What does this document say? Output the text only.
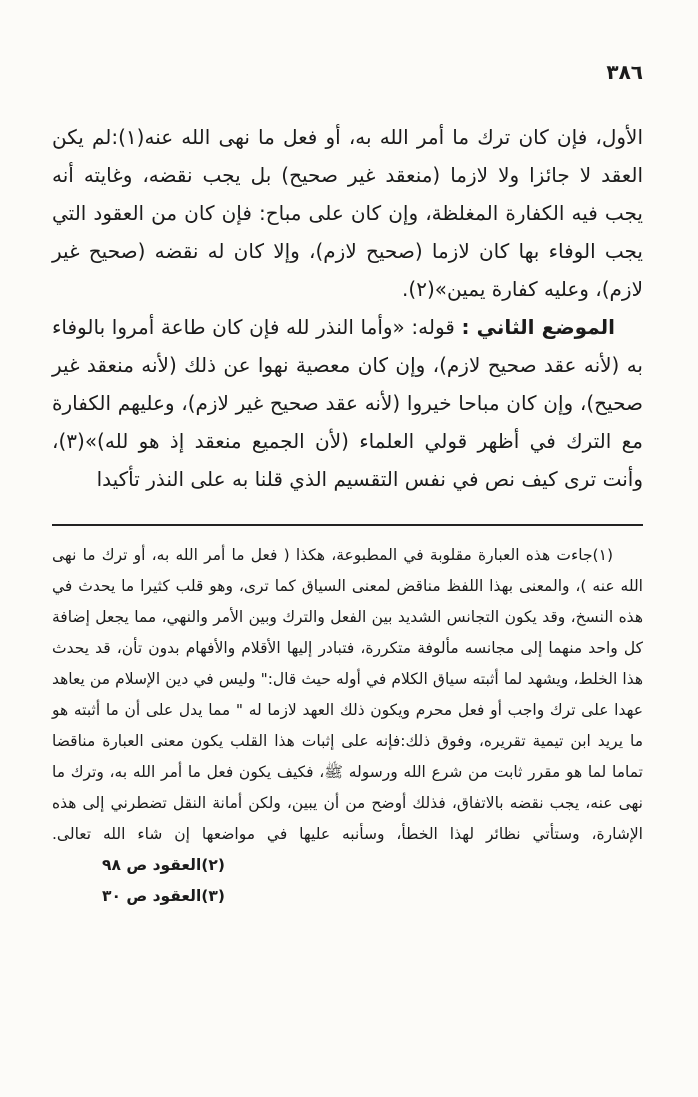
٣٨٦

الأول، فإن كان ترك ما أمر الله به، أو فعل ما نهى الله عنه(١):لم يكن العقد لا جائزا ولا لازما (منعقد غير صحيح) بل يجب نقضه، وغايته أنه يجب فيه الكفارة المغلظة، وإن كان على مباح: فإن كان من العقود التي يجب الوفاء بها كان لازما (صحيح لازم)، وإلا كان له نقضه (صحيح غير لازم)، وعليه كفارة يمين»(٢).

الموضع الثاني : قوله: «وأما النذر لله فإن كان طاعة أمروا بالوفاء به (لأنه عقد صحيح لازم)، وإن كان معصية نهوا عن ذلك (لأنه منعقد غير صحيح)، وإن كان مباحا خيروا (لأنه عقد صحيح غير لازم)، وعليهم الكفارة مع الترك في أظهر قولي العلماء (لأن الجميع منعقد إذ هو لله)»(٣)، وأنت ترى كيف نص في نفس التقسيم الذي قلنا به على النذر تأكيدا

(١)جاءت هذه العبارة مقلوبة في المطبوعة، هكذا ( فعل ما أمر الله به، أو ترك ما نهى الله عنه )، والمعنى بهذا اللفظ مناقض لمعنى السياق كما ترى، وهو قلب كثيرا ما يحدث في هذه النسخ، وقد يكون التجانس الشديد بين الفعل والترك وبين الأمر والنهي، مما يجعل إضافة كل واحد منهما إلى مجانسه مألوفة متكررة، فتبادر إليها الأقلام والأفهام بدون تأن، قد يحدث هذا الخلط، ويشهد لما أثبته سياق الكلام في أوله حيث قال:" وليس في دين الإسلام من يعاهد عهدا على ترك واجب أو فعل محرم ويكون ذلك العهد لازما له " مما يدل على أن ما أثبته هو ما يريد ابن تيمية تقريره، وفوق ذلك:فإنه على إثبات هذا القلب يكون معنى العبارة مناقضا تماما لما هو مقرر ثابت من شرع الله ورسوله ﷺ، فكيف يكون فعل ما أمر الله به، وترك ما نهى عنه، يجب نقضه بالاتفاق، فذلك أوضح من أن يبين، ولكن أمانة النقل تضطرني إلى هذه الإشارة، وستأتي نظائر لهذا الخطأ، وسأنبه عليها في مواضعها إن شاء الله تعالى.

(٢)العقود ص ٩٨

(٣)العقود ص ٣٠
